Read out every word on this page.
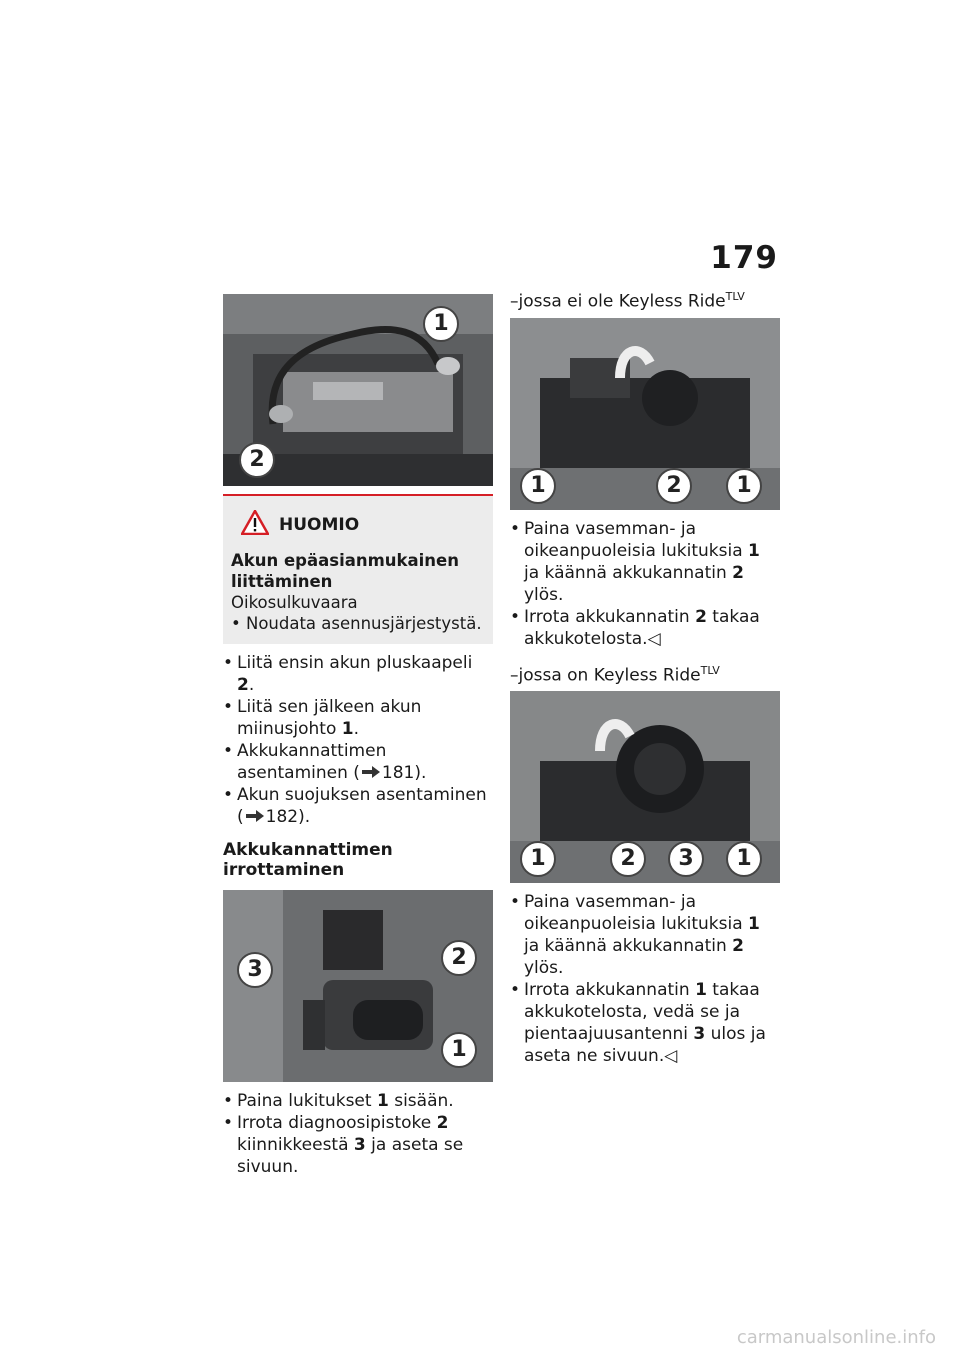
179
1
2
HUOMIO
Akun epäasianmukainen liittäminen
Oikosulkuvaara
• Noudata asennusjärjestystä.
• Liitä ensin akun pluskaapeli 2.
• Liitä sen jälkeen akun miinusjohto 1.
• Akkukannattimen asentaminen ( 181).
• Akun suojuksen asentaminen ( 182).
Akkukannattimen irrottaminen
3	2
1
• Paina lukitukset 1 sisään.
• Irrota diagnoosipistoke 2 kiinnikkeestä 3 ja aseta se sivuun.
–jossa ei ole Keyless Ride$^{TLV}$
1	2	1
• Paina vasemman- ja oikeanpuoleisia lukituksia 1 ja käännä akkukannatin 2 ylös.
• Irrota akkukannatin 2 takaa akkukotelosta.◁
–jossa on Keyless Ride$^{TLV}$
1	2	3	1
• Paina vasemman- ja oikeanpuoleisia lukituksia 1 ja käännä akkukannatin 2 ylös.
• Irrota akkukannatin 1 takaa akkukotelosta, vedä se ja pientaajuusantenni 3 ulos ja aseta ne sivuun.◁
carmanualsonline.info
